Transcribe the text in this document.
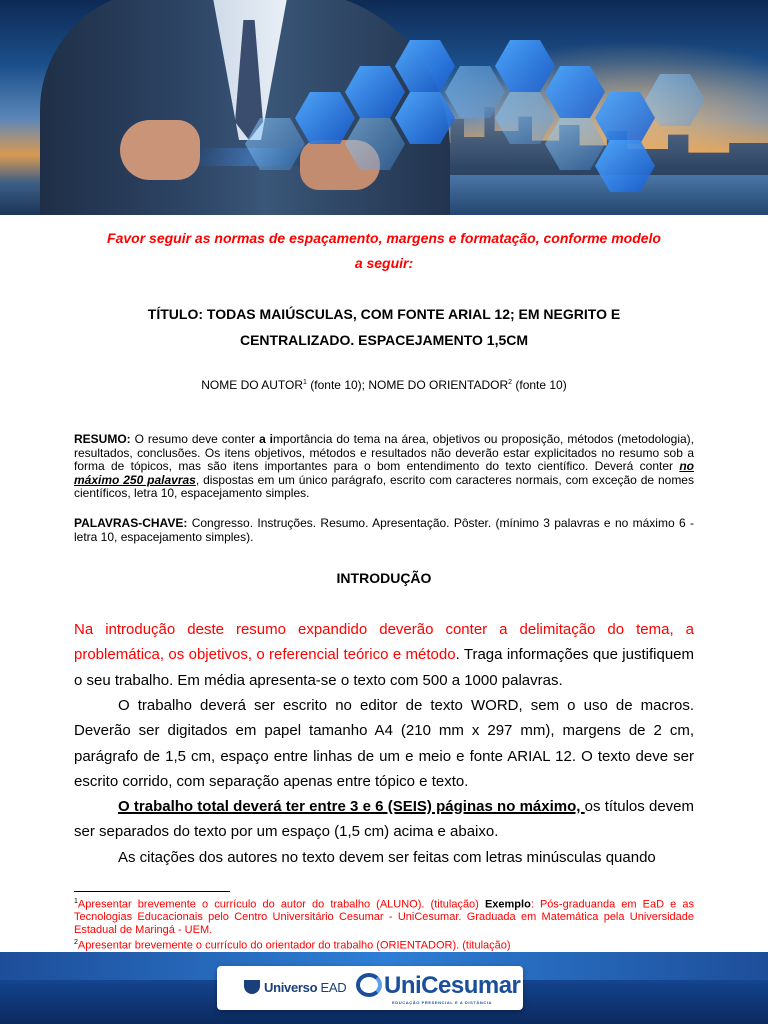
Favor seguir as normas de espaçamento, margens e formatação, conforme modelo
a seguir:
TÍTULO: TODAS MAIÚSCULAS, COM FONTE ARIAL 12; EM NEGRITO E
CENTRALIZADO. ESPACEJAMENTO 1,5CM
NOME DO AUTOR$^1$ (fonte 10); NOME DO ORIENTADOR$^2$ (fonte 10)
RESUMO: O resumo deve conter a importância do tema na área, objetivos ou proposição, métodos (metodologia), resultados, conclusões. Os itens objetivos, métodos e resultados não deverão estar explicitados no resumo sob a forma de tópicos, mas são itens importantes para o bom entendimento do texto científico. Deverá conter no máximo 250 palavras, dispostas em um único parágrafo, escrito com caracteres normais, com exceção de nomes científicos, letra 10, espacejamento simples.
PALAVRAS-CHAVE: Congresso. Instruções. Resumo. Apresentação. Pôster. (mínimo 3 palavras e no máximo 6 - letra 10, espacejamento simples).
INTRODUÇÃO
Na introdução deste resumo expandido deverão conter a delimitação do tema, a problemática, os objetivos, o referencial teórico e método. Traga informações que justifiquem o seu trabalho. Em média apresenta-se o texto com 500 a 1000 palavras.
O trabalho deverá ser escrito no editor de texto WORD, sem o uso de macros. Deverão ser digitados em papel tamanho A4 (210 mm x 297 mm), margens de 2 cm, parágrafo de 1,5 cm, espaço entre linhas de um e meio e fonte ARIAL 12. O texto deve ser escrito corrido, com separação apenas entre tópico e texto.
O trabalho total deverá ter entre 3 e 6 (SEIS) páginas no máximo, os títulos devem ser separados do texto por um espaço (1,5 cm) acima e abaixo.
As citações dos autores no texto devem ser feitas com letras minúsculas quando
$^1$Apresentar brevemente o currículo do autor do trabalho (ALUNO). (titulação) Exemplo: Pós-graduanda em EaD e as Tecnologias Educacionais pelo Centro Universitário Cesumar - UniCesumar. Graduada em Matemática pela Universidade Estadual de Maringá - UEM.
$^2$Apresentar brevemente o currículo do orientador do trabalho (ORIENTADOR). (titulação)
Universo EAD	UniCesumar
EDUCAÇÃO PRESENCIAL E A DISTÂNCIA
